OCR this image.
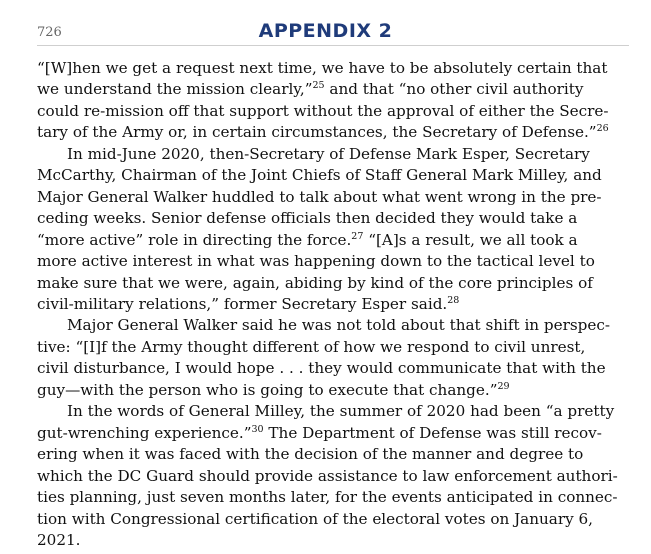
726	APPENDIX 2
“[W]hen we get a request next time, we have to be absolutely certain that
we understand the mission clearly,”$^{25}$ and that “no other civil authority
could re-mission off that support without the approval of either the Secre-
tary of the Army or, in certain circumstances, the Secretary of Defense.”$^{26}$
In mid-June 2020, then-Secretary of Defense Mark Esper, Secretary
McCarthy, Chairman of the Joint Chiefs of Staff General Mark Milley, and
Major General Walker huddled to talk about what went wrong in the pre-
ceding weeks. Senior defense officials then decided they would take a
“more active” role in directing the force.$^{27}$ “[A]s a result, we all took a
more active interest in what was happening down to the tactical level to
make sure that we were, again, abiding by kind of the core principles of
civil-military relations,” former Secretary Esper said.$^{28}$
Major General Walker said he was not told about that shift in perspec-
tive: “[I]f the Army thought different of how we respond to civil unrest,
civil disturbance, I would hope . . . they would communicate that with the
guy—with the person who is going to execute that change.”$^{29}$
In the words of General Milley, the summer of 2020 had been “a pretty
gut-wrenching experience.”$^{30}$ The Department of Defense was still recov-
ering when it was faced with the decision of the manner and degree to
which the DC Guard should provide assistance to law enforcement authori-
ties planning, just seven months later, for the events anticipated in connec-
tion with Congressional certification of the electoral votes on January 6,
2021.
